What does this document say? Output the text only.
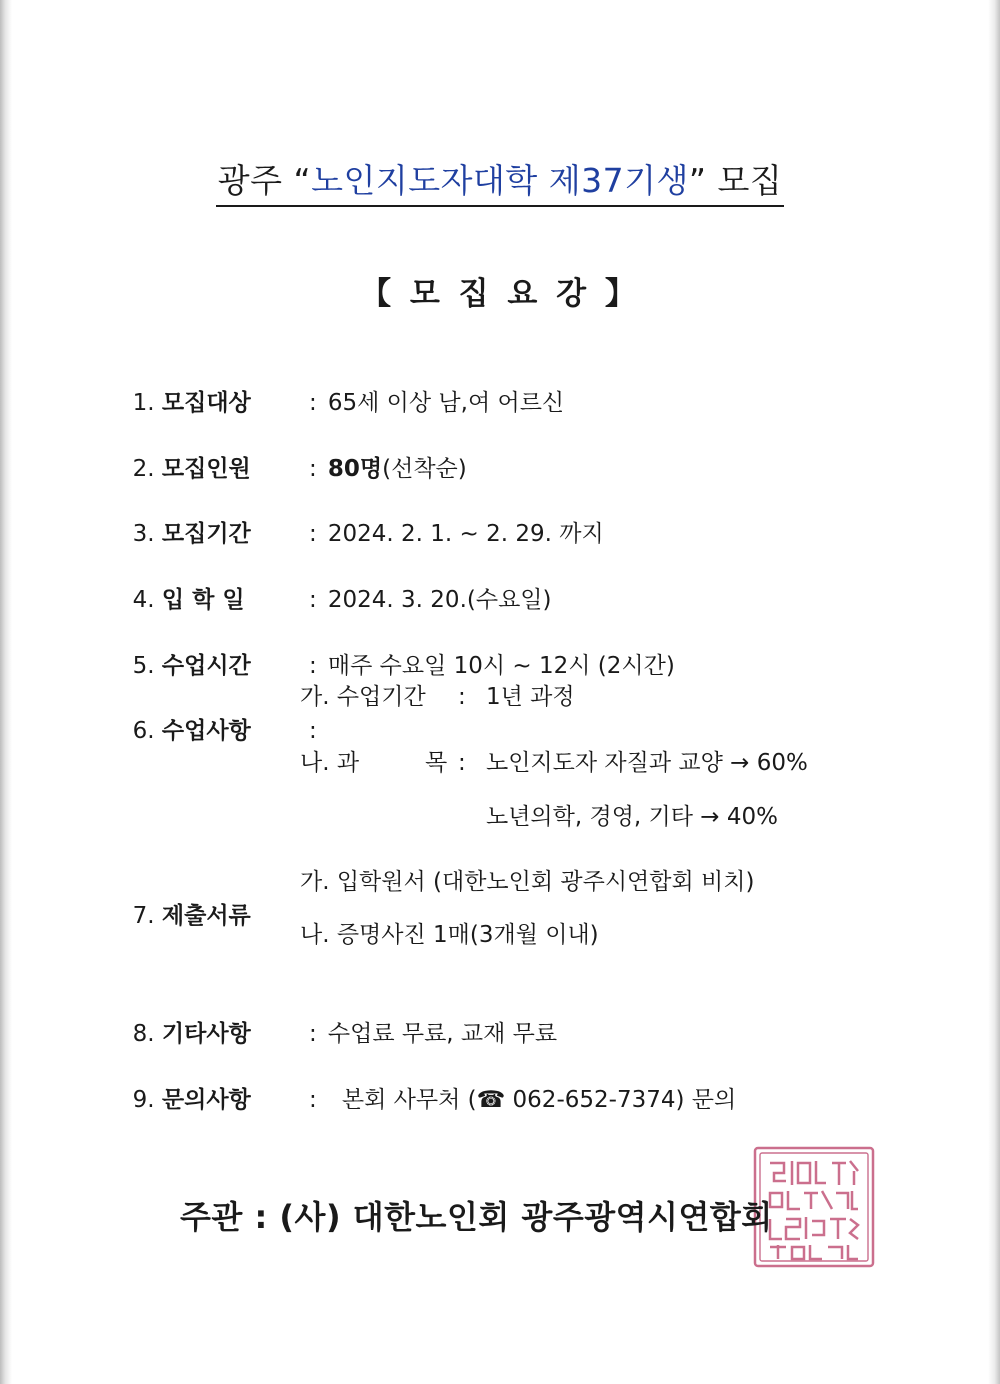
광주 “노인지도자대학 제37기생” 모집
【 모 집 요 강 】

1. 모집대상	: 65세 이상 남,여 어르신

2. 모집인원	: 80명(선착순)

3. 모집기간	: 2024. 2. 1. ~ 2. 29. 까지

4. 입 학 일	: 2024. 3. 20.(수요일)

5. 수업시간	: 매주 수요일 10시 ~ 12시 (2시간)

6. 수업사항	:

가. 수업기간 : 1년 과정
나. 과	목 : 노인지도자 자질과 교양 → 60%
노년의학, 경영, 기타 → 40%

7. 제출서류

가. 입학원서 (대한노인회 광주시연합회 비치)
나. 증명사진 1매(3개월 이내)

8. 기타사항	: 수업료 무료, 교재 무료

9. 문의사항	: 본회 사무처 (☎ 062-652-7374) 문의

주관 : (사) 대한노인회 광주광역시연합회
